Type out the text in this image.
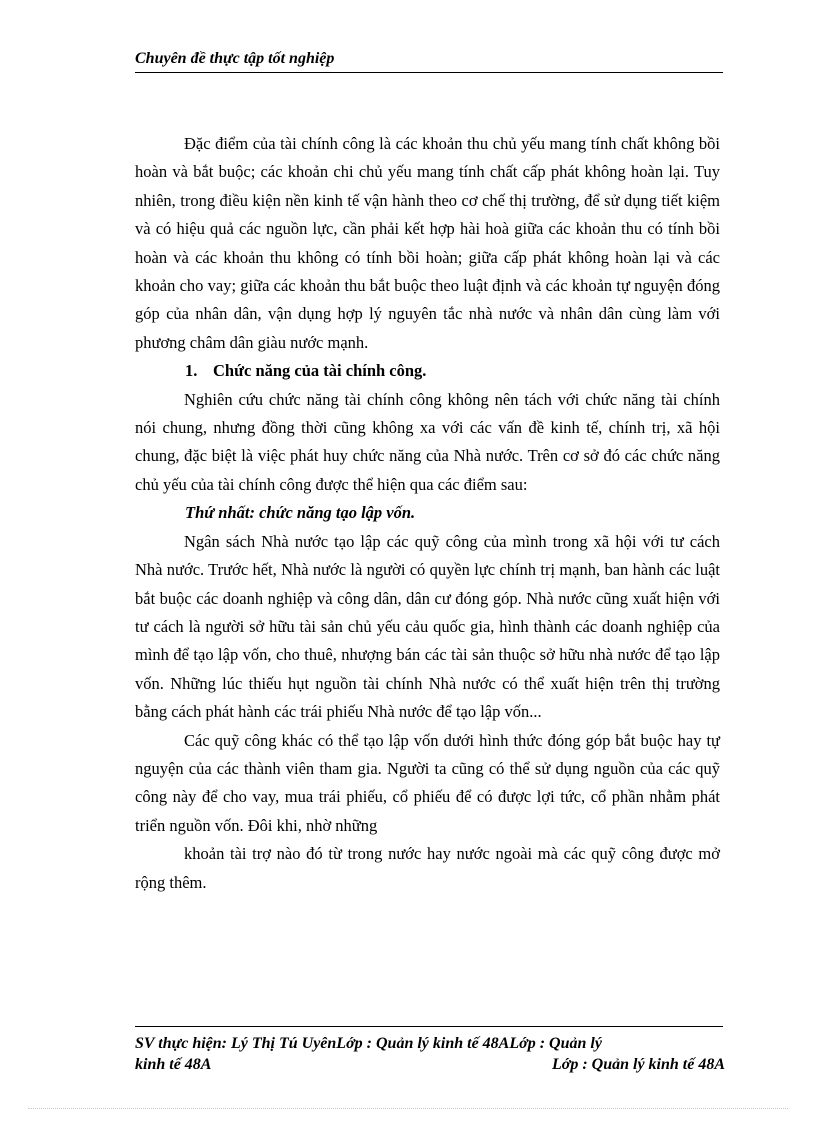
Chuyên đề thực tập tốt nghiệp

Đặc điểm của tài chính công là các khoản thu chủ yếu mang tính chất không bồi hoàn và bắt buộc; các khoản chi chủ yếu mang tính chất cấp phát không hoàn lại. Tuy nhiên, trong điều kiện nền kinh tế vận hành theo cơ chế thị trường, để sử dụng tiết kiệm và có hiệu quả các nguồn lực, cần phải kết hợp hài hoà giữa các khoản thu có tính bồi hoàn và các khoản thu không có tính bồi hoàn; giữa cấp phát không hoàn lại và các khoản cho vay; giữa các khoản thu bắt buộc theo luật định và các khoản tự nguyện đóng góp của nhân dân, vận dụng hợp lý nguyên tắc nhà nước và nhân dân cùng làm với phương châm dân giàu nước mạnh.

1. Chức năng của tài chính công.

Nghiên cứu chức năng tài chính công không nên tách với chức năng tài chính nói chung, nhưng đồng thời cũng không xa với các vấn đề kinh tế, chính trị, xã hội chung, đặc biệt là việc phát huy chức năng của Nhà nước. Trên cơ sở đó các chức năng chủ yếu của tài chính công được thể hiện qua các điểm sau:

Thứ nhất: chức năng tạo lập vốn.

Ngân sách Nhà nước tạo lập các quỹ công của mình trong xã hội với tư cách Nhà nước. Trước hết, Nhà nước là người có quyền lực chính trị mạnh, ban hành các luật bắt buộc các doanh nghiệp và công dân, dân cư đóng góp. Nhà nước cũng xuất hiện với tư cách là người sở hữu tài sản chủ yếu cảu quốc gia, hình thành các doanh nghiệp của mình để tạo lập vốn, cho thuê, nhượng bán các tài sản thuộc sở hữu nhà nước để tạo lập vốn. Những lúc thiếu hụt nguồn tài chính Nhà nước có thể xuất hiện trên thị trường bằng cách phát hành các trái phiếu Nhà nước để tạo lập vốn...

Các quỹ công khác có thể tạo lập vốn dưới hình thức đóng góp bắt buộc hay tự nguyện của các thành viên tham gia. Người ta cũng có thể sử dụng nguồn của các quỹ công này để cho vay, mua trái phiếu, cổ phiếu để có được lợi tức, cổ phần nhằm phát triển nguồn vốn. Đôi khi, nhờ những

khoản tài trợ nào đó từ trong nước hay nước ngoài mà các quỹ công được mở rộng thêm.

SV thực hiện: Lý Thị Tú UyênLớp : Quản lý kinh tế 48ALớp : Quản lý
kinh tế 48A	Lớp : Quản lý kinh tế 48A
